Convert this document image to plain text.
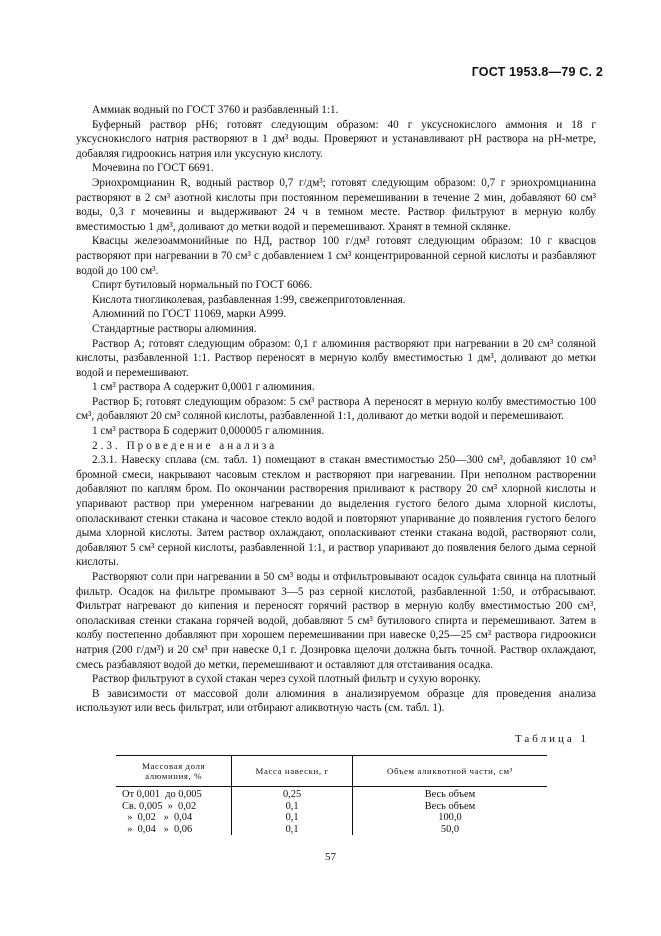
ГОСТ 1953.8—79 С. 2

Аммиак водный по ГОСТ 3760 и разбавленный 1:1.

Буферный раствор рН6; готовят следующим образом: 40 г уксуснокислого аммония и 18 г уксуснокислого натрия растворяют в 1 дм³ воды. Проверяют и устанавливают рН раствора на рН-метре, добавляя гидроокись натрия или уксусную кислоту.

Мочевина по ГОСТ 6691.

Эриохромцианин R, водный раствор 0,7 г/дм³; готовят следующим образом: 0,7 г эриохромцианина растворяют в 2 см³ азотной кислоты при постоянном перемешивании в течение 2 мин, добавляют 60 см³ воды, 0,3 г мочевины и выдерживают 24 ч в темном месте. Раствор фильтруют в мерную колбу вместимостью 1 дм³, доливают до метки водой и перемешивают. Хранят в темной склянке.

Квасцы железоаммонийные по НД, раствор 100 г/дм³ готовят следующим образом: 10 г квасцов растворяют при нагревании в 70 см³ с добавлением 1 см³ концентрированной серной кислоты и разбавляют водой до 100 см³.

Спирт бутиловый нормальный по ГОСТ 6066.

Кислота тиогликолевая, разбавленная 1:99, свежеприготовленная.

Алюминий по ГОСТ 11069, марки А999.

Стандартные растворы алюминия.

Раствор А; готовят следующим образом: 0,1 г алюминия растворяют при нагревании в 20 см³ соляной кислоты, разбавленной 1:1. Раствор переносят в мерную колбу вместимостью 1 дм³, доливают до метки водой и перемешивают.

1 см³ раствора А содержит 0,0001 г алюминия.

Раствор Б; готовят следующим образом: 5 см³ раствора А переносят в мерную колбу вместимостью 100 см³, добавляют 20 см³ соляной кислоты, разбавленной 1:1, доливают до метки водой и перемешивают.

1 см³ раствора Б содержит 0,000005 г алюминия.

2.3. Проведение анализа

2.3.1. Навеску сплава (см. табл. 1) помещают в стакан вместимостью 250—300 см³, добавляют 10 см³ бромной смеси, накрывают часовым стеклом и растворяют при нагревании. При неполном растворении добавляют по каплям бром. По окончании растворения приливают к раствору 20 см³ хлорной кислоты и упаривают раствор при умеренном нагревании до выделения густого белого дыма хлорной кислоты, ополаскивают стенки стакана и часовое стекло водой и повторяют упаривание до появления густого белого дыма хлорной кислоты. Затем раствор охлаждают, ополаскивают стенки стакана водой, растворяют соли, добавляют 5 см³ серной кислоты, разбавленной 1:1, и раствор упаривают до появления белого дыма серной кислоты.

Растворяют соли при нагревании в 50 см³ воды и отфильтровывают осадок сульфата свинца на плотный фильтр. Осадок на фильтре промывают 3—5 раз серной кислотой, разбавленной 1:50, и отбрасывают. Фильтрат нагревают до кипения и переносят горячий раствор в мерную колбу вместимостью 200 см³, ополаскивая стенки стакана горячей водой, добавляют 5 см³ бутилового спирта и перемешивают. Затем в колбу постепенно добавляют при хорошем перемешивании при навеске 0,25—25 см³ раствора гидроокиси натрия (200 г/дм³) и 20 см³ при навеске 0,1 г. Дозировка щелочи должна быть точной. Раствор охлаждают, смесь разбавляют водой до метки, перемешивают и оставляют для отстаивания осадка.

Раствор фильтруют в сухой стакан через сухой плотный фильтр и сухую воронку.

В зависимости от массовой доли алюминия в анализируемом образце для проведения анализа используют или весь фильтрат, или отбирают аликвотную часть (см. табл. 1).

Таблица 1
Массовая доля алюминия, %	Масса навески, г	Объем аликвотной части, см³
От 0,001  до 0,005	0,25	Весь объем
Св. 0,005  »  0,02	0,1	Весь объем
»  0,02   »  0,04	0,1	100,0
»  0,04   »  0,06	0,1	50,0
57
